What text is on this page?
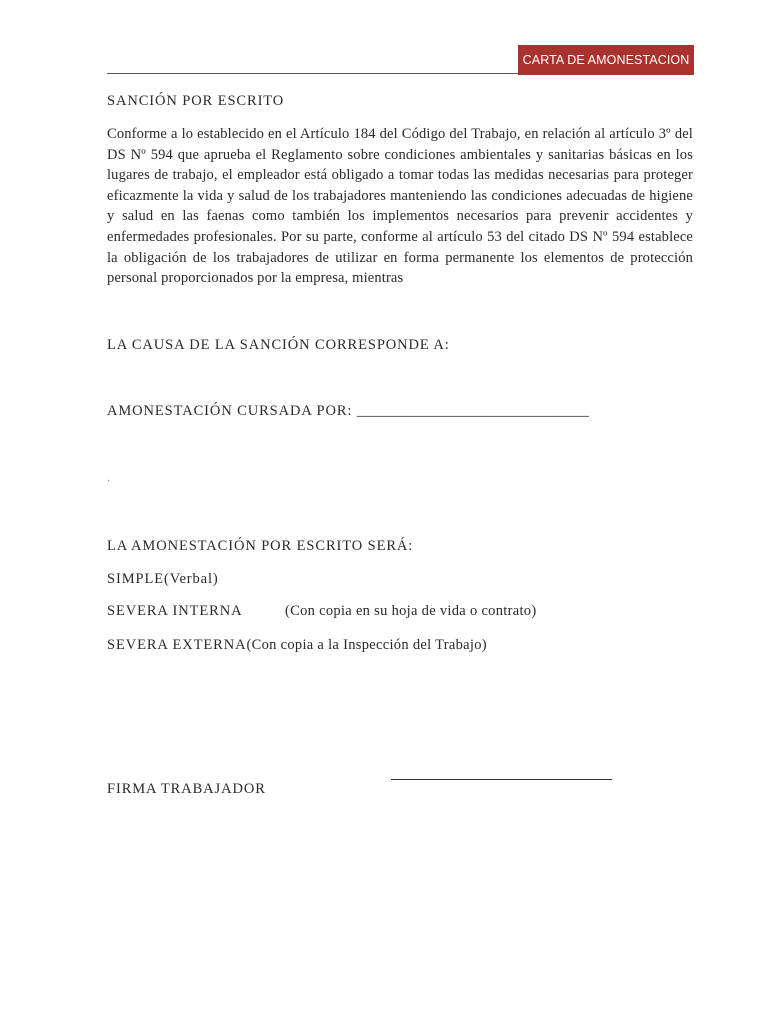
CARTA DE AMONESTACION
SANCIÓN POR ESCRITO

Conforme a lo establecido en el Artículo 184 del Código del Trabajo, en relación al artículo 3º del DS Nº 594 que aprueba el Reglamento sobre condiciones ambientales y sanitarias básicas en los lugares de trabajo, el empleador está obligado a tomar todas las medidas necesarias para proteger eficazmente la vida y salud de los trabajadores manteniendo las condiciones adecuadas de higiene y salud en las faenas como también los implementos necesarios para prevenir accidentes y enfermedades profesionales. Por su parte, conforme al artículo 53 del citado DS Nº 594 establece la obligación de los trabajadores de utilizar en forma permanente los elementos de protección personal proporcionados por la empresa, mientras

LA CAUSA DE LA SANCIÓN CORRESPONDE A:
AMONESTACIÓN CURSADA POR: ________________________________
·
LA AMONESTACIÓN POR ESCRITO SERÁ:
SIMPLE(Verbal)
SEVERA INTERNA	(Con copia en su hoja de vida o contrato)
SEVERA EXTERNA(Con copia a la Inspección del Trabajo)
FIRMA TRABAJADOR
